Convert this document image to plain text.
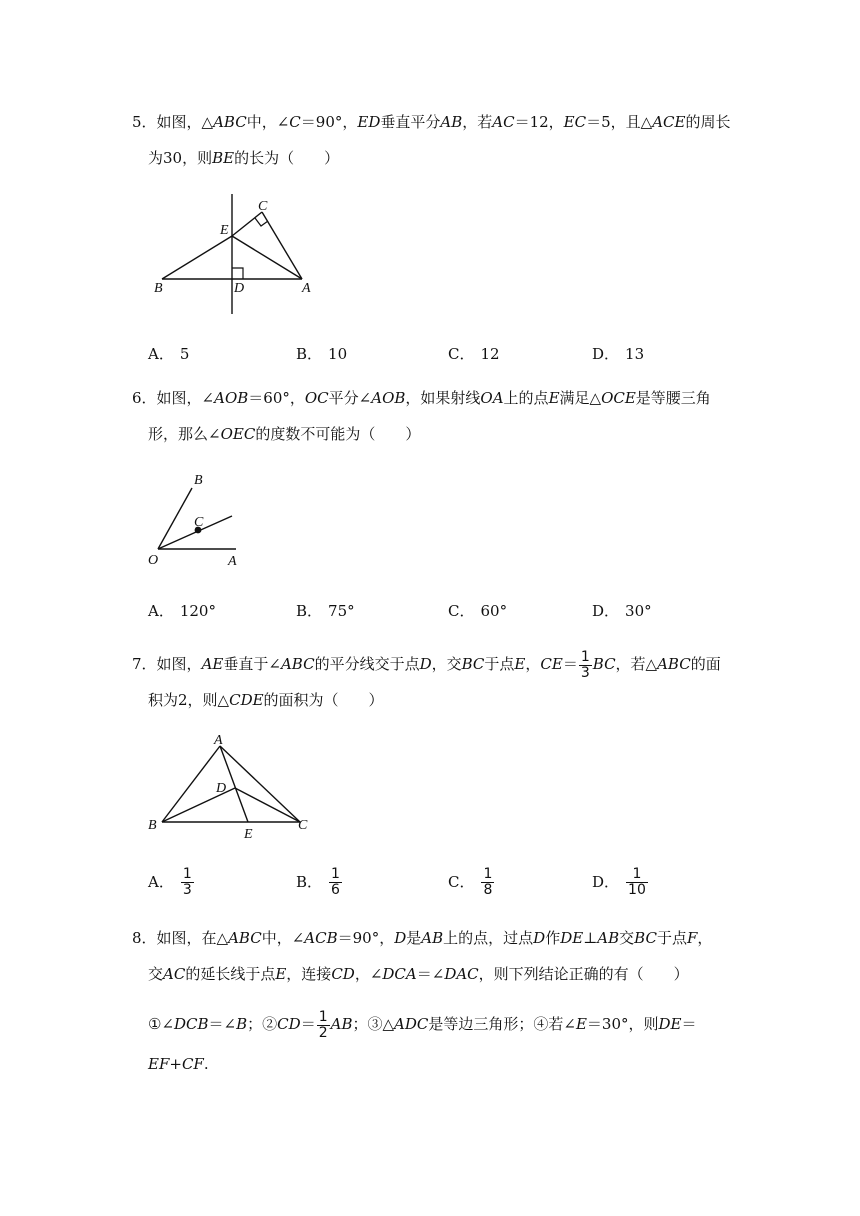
5．如图，△ABC中，∠C＝90°，ED垂直平分AB，若AC＝12，EC＝5，且△ACE的周长
为30，则BE的长为（　　）
B	D	A
E
C
A． 5	B． 10	C． 12	D． 13
6．如图，∠AOB＝60°，OC平分∠AOB，如果射线OA上的点E满足△OCE是等腰三角
形，那么∠OEC的度数不可能为（　　）
B
C
O	A
A． 120°	B． 75°	C． 60°	D． 30°
7．如图，AE垂直于∠ABC的平分线交于点D，交BC于点E，$CE= \frac{1}{3}$ BC，若△ABC的面
积为2，则△CDE的面积为（　　）
A
D
B
E
C
A． $\frac{1}{3}$	B． $\frac{1}{6}$	C． $\frac{1}{8}$	D． $\frac{1}{10}$
8．如图，在△ABC中，∠ACB＝90°，D是AB上的点，过点D作DE⊥AB交BC于点F，
交AC的延长线于点E，连接CD，∠DCA＝∠DAC，则下列结论正确的有（　　）
①∠DCB＝∠B；②CD＝ $\frac{1}{2}$ AB；③△ADC是等边三角形；④若∠E＝30°，则DE＝
EF+CF.
